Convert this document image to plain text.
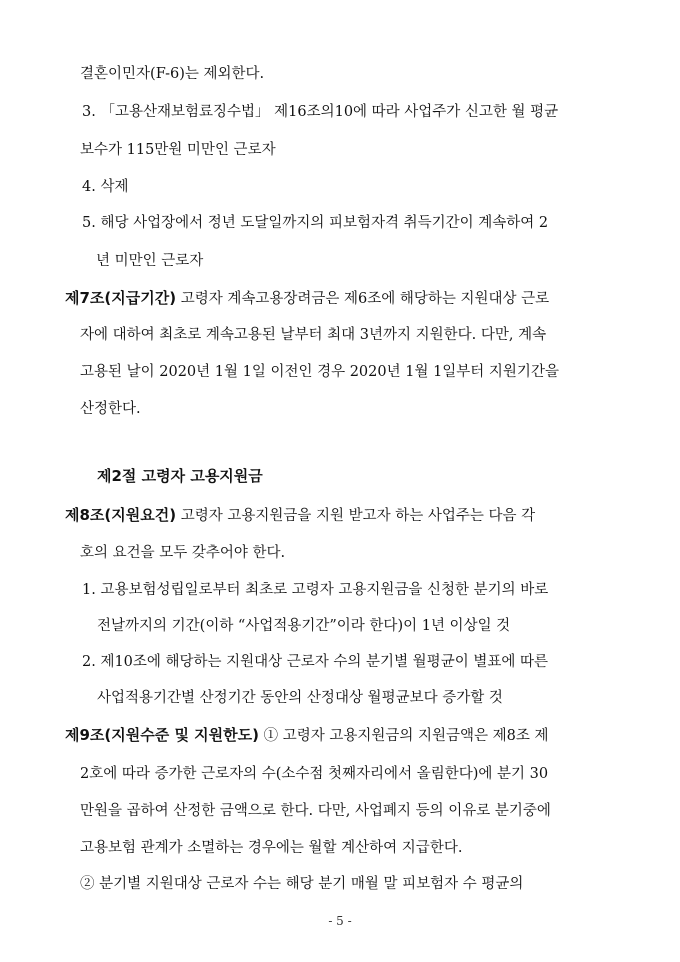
결혼이민자(F-6)는 제외한다.
3. 「고용산재보험료징수법」 제16조의10에 따라 사업주가 신고한 월 평균
보수가 115만원 미만인 근로자
4. 삭제
5. 해당 사업장에서 정년 도달일까지의 피보험자격 취득기간이 계속하여 2
년 미만인 근로자
제7조(지급기간) 고령자 계속고용장려금은 제6조에 해당하는 지원대상 근로
자에 대하여 최초로 계속고용된 날부터 최대 3년까지 지원한다. 다만, 계속
고용된 날이 2020년 1월 1일 이전인 경우 2020년 1월 1일부터 지원기간을
산정한다.
제2절 고령자 고용지원금
제8조(지원요건) 고령자 고용지원금을 지원 받고자 하는 사업주는 다음 각
호의 요건을 모두 갖추어야 한다.
1. 고용보험성립일로부터 최초로 고령자 고용지원금을 신청한 분기의 바로
전날까지의 기간(이하 “사업적용기간”이라 한다)이 1년 이상일 것
2. 제10조에 해당하는 지원대상 근로자 수의 분기별 월평균이 별표에 따른
사업적용기간별 산정기간 동안의 산정대상 월평균보다 증가할 것
제9조(지원수준 및 지원한도) ① 고령자 고용지원금의 지원금액은 제8조 제
2호에 따라 증가한 근로자의 수(소수점 첫째자리에서 올림한다)에 분기 30
만원을 곱하여 산정한 금액으로 한다. 다만, 사업폐지 등의 이유로 분기중에
고용보험 관계가 소멸하는 경우에는 월할 계산하여 지급한다.
② 분기별 지원대상 근로자 수는 해당 분기 매월 말 피보험자 수 평균의
- 5 -
